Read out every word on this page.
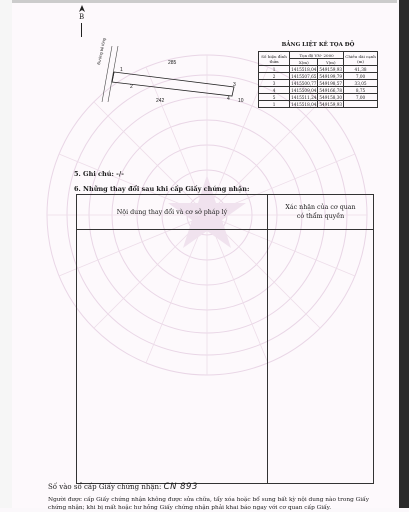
B
285
242	10
Đường bê tông
1
2	3
4
BẢNG LIỆT KÊ TỌA ĐỘ
Số hiệu đỉnh thửa	Tọa độ VN- 2000		Chiều dài cạnh (m)
	X(m)	Y(m)	
1	1415518,04	549159,93	41,38
2	1415507,65	549199,79	7,00
3	1415500,77	549198,57	33,05
4	1415509,04	549166,78	8,75
5	1415511,24	549158,30	7,00
1	1415518,04	549159,93	
5. Ghi chú: -/-
6. Những thay đổi sau khi cấp Giấy chứng nhận:
Nội dung thay đổi và cơ sở pháp lý	Xác nhận của cơ quan
có thẩm quyền

Số vào sổ cấp Giấy chứng nhận: CN 893
Người được cấp Giấy chứng nhận không được sửa chữa, tẩy xóa hoặc bổ sung bất kỳ nội dung nào trong Giấy chứng nhận; khi bị mất hoặc hư hỏng Giấy chứng nhận phải khai báo ngay với cơ quan cấp Giấy.
